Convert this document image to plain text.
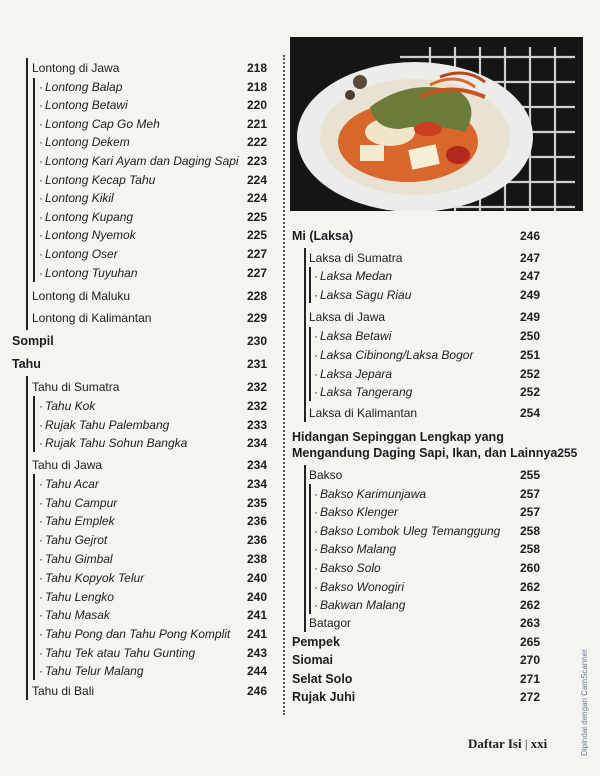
Lontong di Jawa	218
· Lontong Balap	218
· Lontong Betawi	220
· Lontong Cap Go Meh	221
· Lontong Dekem	222
· Lontong Kari Ayam dan Daging Sapi 223
· Lontong Kecap Tahu	224
· Lontong Kikil	224
· Lontong Kupang	225
· Lontong Nyemok	225
· Lontong Oser	227
· Lontong Tuyuhan	227
Lontong di Maluku	228
Lontong di Kalimantan	229
Sompil	230
Tahu	231
Tahu di Sumatra	232
· Tahu Kok	232
· Rujak Tahu Palembang	233
· Rujak Tahu Sohun Bangka	234
Tahu di Jawa	234
· Tahu Acar	234
· Tahu Campur	235
· Tahu Emplek	236
· Tahu Gejrot	236
· Tahu Gimbal	238
· Tahu Kopyok Telur	240
· Tahu Lengko	240
· Tahu Masak	241
· Tahu Pong dan Tahu Pong Komplit 241
· Tahu Tek atau Tahu Gunting	243
· Tahu Telur Malang	244
Tahu di Bali	246
Mi (Laksa)	246
Laksa di Sumatra	247
· Laksa Medan	247
· Laksa Sagu Riau	249
Laksa di Jawa	249
· Laksa Betawi	250
· Laksa Cibinong/Laksa Bogor	251
· Laksa Jepara	252
· Laksa Tangerang	252
Laksa di Kalimantan	254
Hidangan Sepinggan Lengkap yang
Mengandung Daging Sapi, Ikan, dan Lainnya 255
Bakso	255
· Bakso Karimunjawa	257
· Bakso Klenger	257
· Bakso Lombok Uleg Temanggung 258
· Bakso Malang	258
· Bakso Solo	260
· Bakso Wonogiri	262
· Bakwan Malang	262
Batagor	263
Pempek	265
Siomai	270
Selat Solo	271
Rujak Juhi	272
Daftar Isi | xxi	Dipindai dengan CamScanner
